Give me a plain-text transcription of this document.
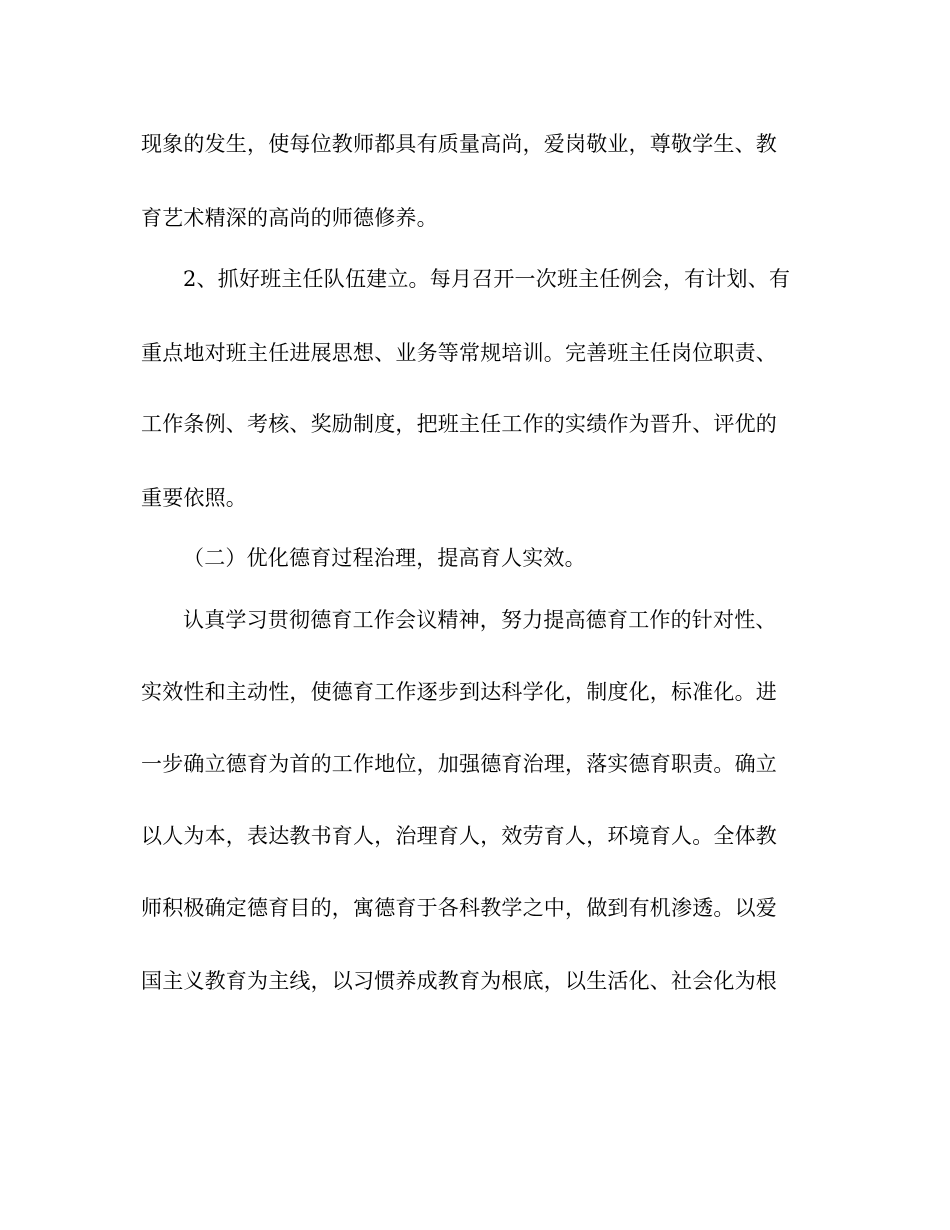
现象的发生，使每位教师都具有质量高尚，爱岗敬业，尊敬学生、教
育艺术精深的高尚的师德修养。
2、抓好班主任队伍建立。每月召开一次班主任例会，有计划、有
重点地对班主任进展思想、业务等常规培训。完善班主任岗位职责、
工作条例、考核、奖励制度，把班主任工作的实绩作为晋升、评优的
重要依照。
（二）优化德育过程治理，提高育人实效。
认真学习贯彻德育工作会议精神，努力提高德育工作的针对性、
实效性和主动性，使德育工作逐步到达科学化，制度化，标准化。进
一步确立德育为首的工作地位，加强德育治理，落实德育职责。确立
以人为本，表达教书育人，治理育人，效劳育人，环境育人。全体教
师积极确定德育目的，寓德育于各科教学之中，做到有机渗透。以爱
国主义教育为主线，以习惯养成教育为根底，以生活化、社会化为根
